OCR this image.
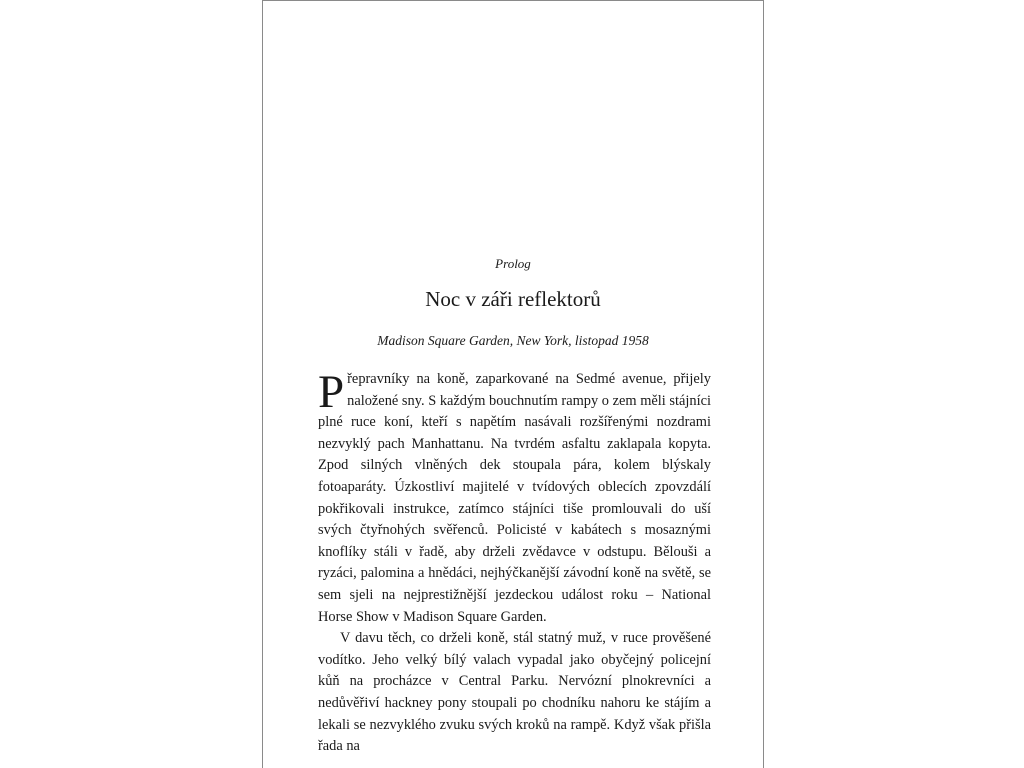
Prolog
Noc v záři reflektorů
Madison Square Garden, New York, listopad 1958

Přepravníky na koně, zaparkované na Sedmé avenue, přijely naložené sny. S každým bouchnutím rampy o zem měli stájníci plné ruce koní, kteří s napětím nasávali rozšířenými nozdrami nezvyklý pach Manhattanu. Na tvrdém asfaltu zaklapala kopyta. Zpod silných vlněných dek stoupala pára, kolem blýskaly fotoaparáty. Úzkostliví majitelé v tvídových oblecích zpovzdálí pokřikovali instrukce, zatímco stájníci tiše promlouvali do uší svých čtyřnohých svěřenců. Policisté v kabátech s mosaznými knoflíky stáli v řadě, aby drželi zvědavce v odstupu. Bělouši a ryzáci, palomina a hnědáci, nejhýčkanější závodní koně na světě, se sem sjeli na nejprestižnější jezdeckou událost roku – National Horse Show v Madison Square Garden.

V davu těch, co drželi koně, stál statný muž, v ruce prověšené vodítko. Jeho velký bílý valach vypadal jako obyčejný policejní kůň na procházce v Central Parku. Nervózní plnokrevníci a nedůvěřiví hackney pony stoupali po chodníku nahoru ke stájím a lekali se nezvyklého zvuku svých kroků na rampě. Když však přišla řada na
